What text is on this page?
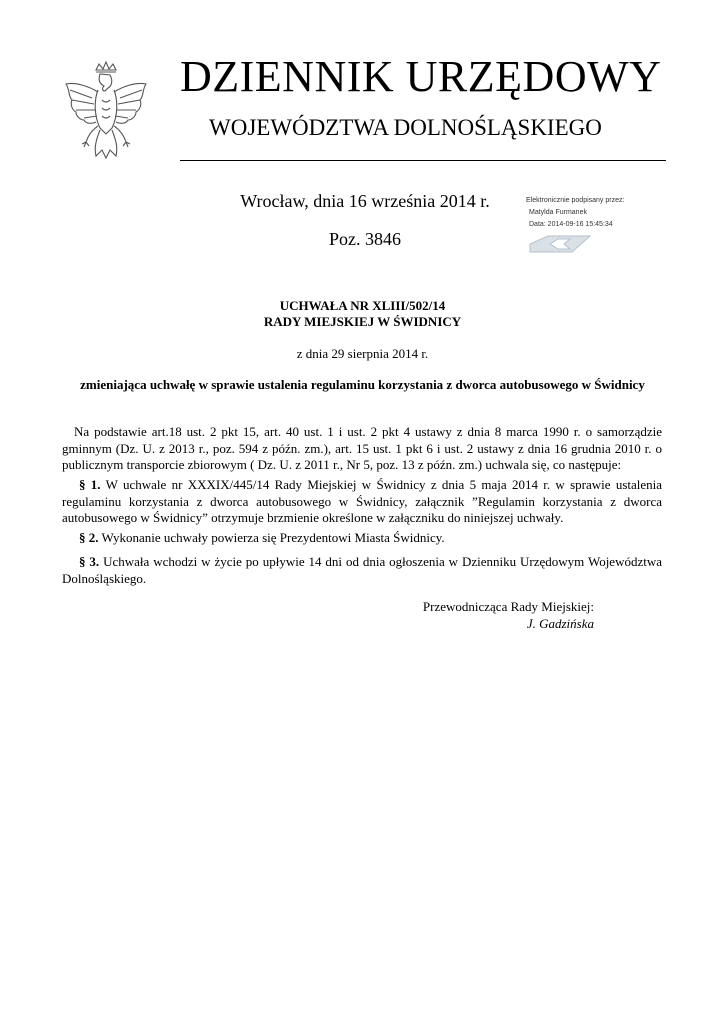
DZIENNIK URZĘDOWY
WOJEWÓDZTWA DOLNOŚLĄSKIEGO
Wrocław, dnia 16 września 2014 r.
Poz. 3846
Elektronicznie podpisany przez:
Matylda Furmanek
Data: 2014-09-16 15:45:34
UCHWAŁA NR XLIII/502/14
RADY MIEJSKIEJ W ŚWIDNICY
z dnia 29 sierpnia 2014 r.
zmieniająca uchwałę w sprawie ustalenia regulaminu korzystania z dworca autobusowego w Świdnicy
Na podstawie art.18 ust. 2 pkt 15, art. 40 ust. 1 i ust. 2 pkt 4 ustawy z dnia 8 marca 1990 r. o samorządzie gminnym (Dz. U. z 2013 r., poz. 594 z późn. zm.), art. 15 ust. 1 pkt 6 i ust. 2 ustawy z dnia 16 grudnia 2010 r. o publicznym transporcie zbiorowym ( Dz. U. z 2011 r., Nr 5, poz. 13 z późn. zm.) uchwala się, co następuje:
§ 1. W uchwale nr XXXIX/445/14 Rady Miejskiej w Świdnicy z dnia 5 maja 2014 r. w sprawie ustalenia regulaminu korzystania z dworca autobusowego w Świdnicy, załącznik ”Regulamin korzystania z dworca autobusowego w Świdnicy” otrzymuje brzmienie określone w załączniku do niniejszej uchwały.
§ 2. Wykonanie uchwały powierza się Prezydentowi Miasta Świdnicy.
§ 3. Uchwała wchodzi w życie po upływie 14 dni od dnia ogłoszenia w Dzienniku Urzędowym Województwa Dolnośląskiego.
Przewodnicząca Rady Miejskiej:
J. Gadzińska
